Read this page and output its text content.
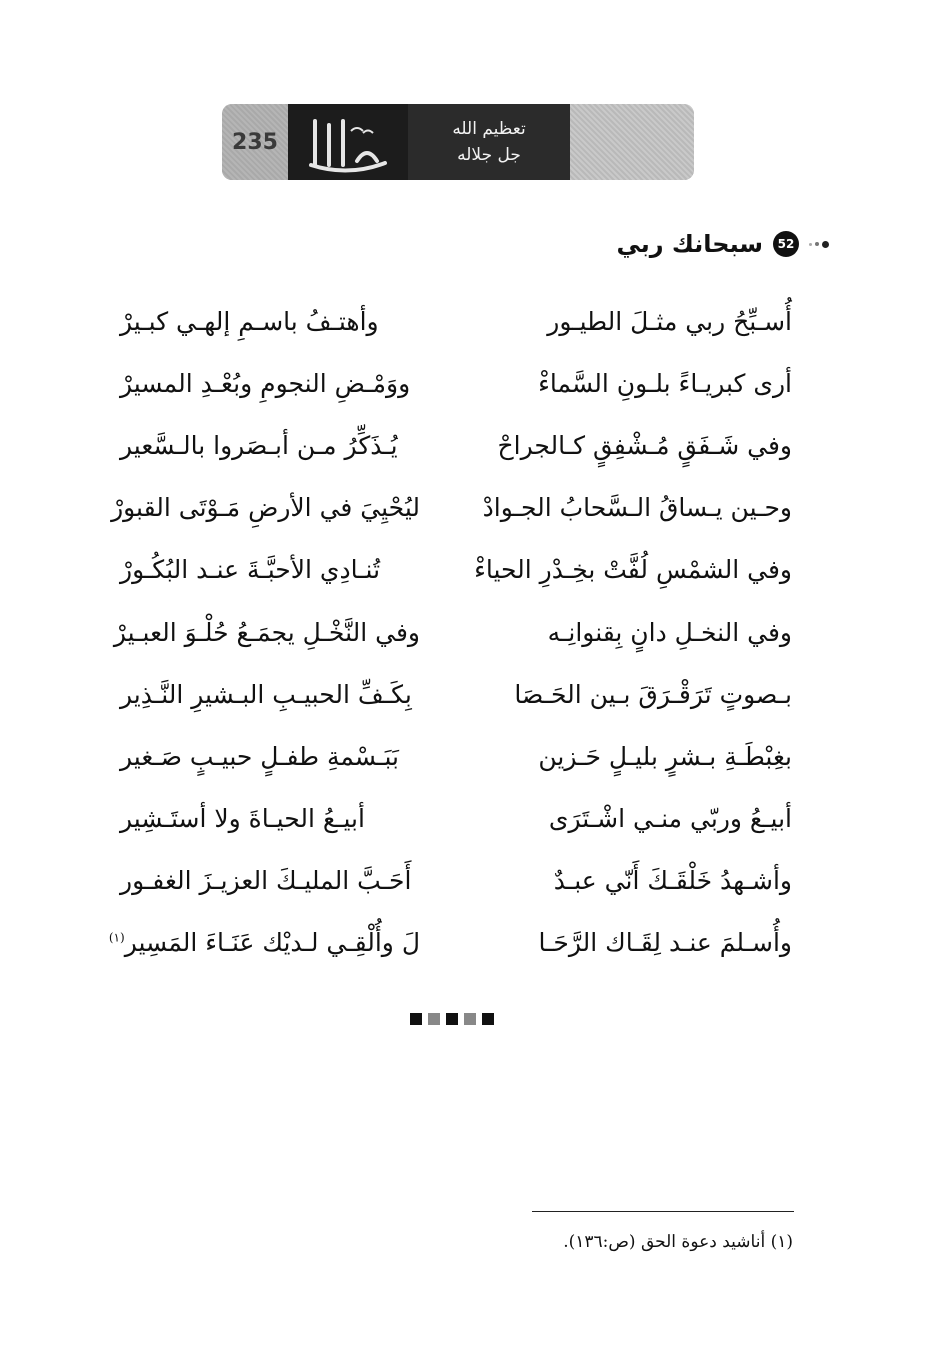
235
تعظيم الله
جل جلاله
52
سبحانك ربي
أُسـبِّحُ ربي مثـلَ الطيـور
وأهتـفُ باسـمِ إلهـي كبـيرْ
أرى كبريـاءً بلـونِ السَّماءْ
ووَمْـضِ النجومِ وبُعْـدِ المسيرْ
وفي شَـفَقٍ مُـشْفِقٍ كـالجراحْ
يُـذَكِّرُ مـن أبـصَروا بالـسَّعير
وحـين يـساقُ الـسَّحابُ الجـوادْ
ليُحْيِيَ في الأرضِ مَـوْتَى القبورْ
وفي الشمْسِ لُفَّتْ بخِـدْرِ الحياءْ
تُنـادِي الأحبَّـةَ عنـد البُكُـورْ
وفي النخـلِ دانٍ بِقنوانِـه
وفي النَّخْـلِ يجمَـعُ حُلْـوَ العبـيرْ
بـصوتٍ تَرَقْـرَقَ بـين الحَـصَا
بِكَـفِّ الحبيـبِ البـشيرِ النَّـذِير
بغِبْطَـةِ بـشرٍ بليـلٍ حَـزين
بَبَـسْمةِ طفـلٍ حبيـبٍ صَـغير
أبيـعُ وربّي منـي اشْـتَرَى
أبيـعُ الحيـاةَ ولا أستَـشِير
وأشـهدُ خَلْقَـكَ أَنّي عبـدٌ
أَحَـبَّ المليـكَ العزيـزَ الغفـور
وأُسـلمَ عنـد لِقَـاك الرَّحَـا
لَ وأُلْقِـي لـديْك عَنَـاءَ المَسِير$^{(١)}$
(١) أناشيد دعوة الحق (ص:١٣٦).
